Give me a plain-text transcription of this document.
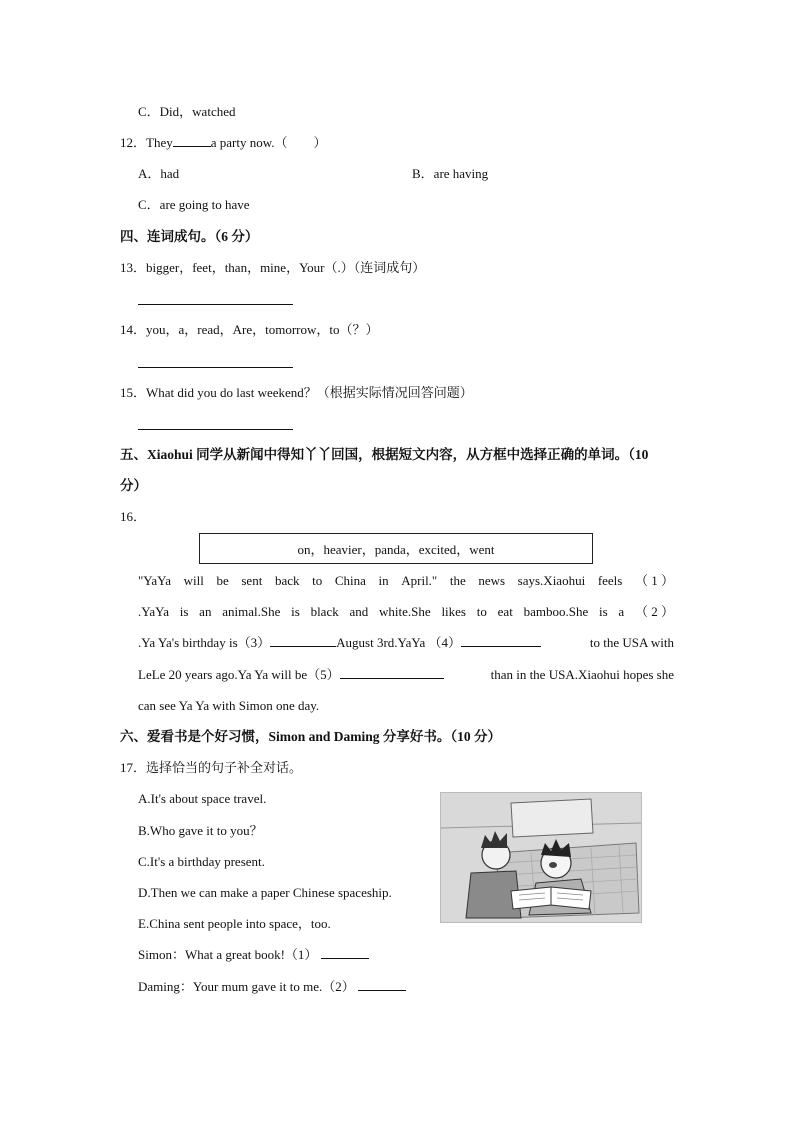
C．Did，watched
12．They	a party now.（　　）
A．had	B．are having
C．are going to have
四、连词成句。（6 分）
13．bigger，feet，than，mine，Your（.）（连词成句）
14．you，a，read，Are，tomorrow，to（？）
15．What did you do last weekend？（根据实际情况回答问题）
五、Xiaohui 同学从新闻中得知丫丫回国，根据短文内容，从方框中选择正确的单词。（10
分）
16．
on，heavier，panda，excited，went
"YaYa will be sent back to China in April." the news says.Xiaohui feels （ 1 ）
.YaYa is an animal.She is black and white.She likes to eat bamboo.She is a （ 2 ）
.Ya Ya's birthday is（3）	August 3rd.YaYa （4）	to the USA with
LeLe 20 years ago.Ya Ya will be（5）	than in the USA.Xiaohui hopes she
can see Ya Ya with Simon one day.
六、爱看书是个好习惯，Simon and Daming 分享好书。（10 分）
17．选择恰当的句子补全对话。
A.It's about space travel.
B.Who gave it to you？
C.It's a birthday present.
D.Then we can make a paper Chinese spaceship.
E.China sent people into space，too.
Simon：What a great book!（1）
Daming：Your mum gave it to me.（2）
